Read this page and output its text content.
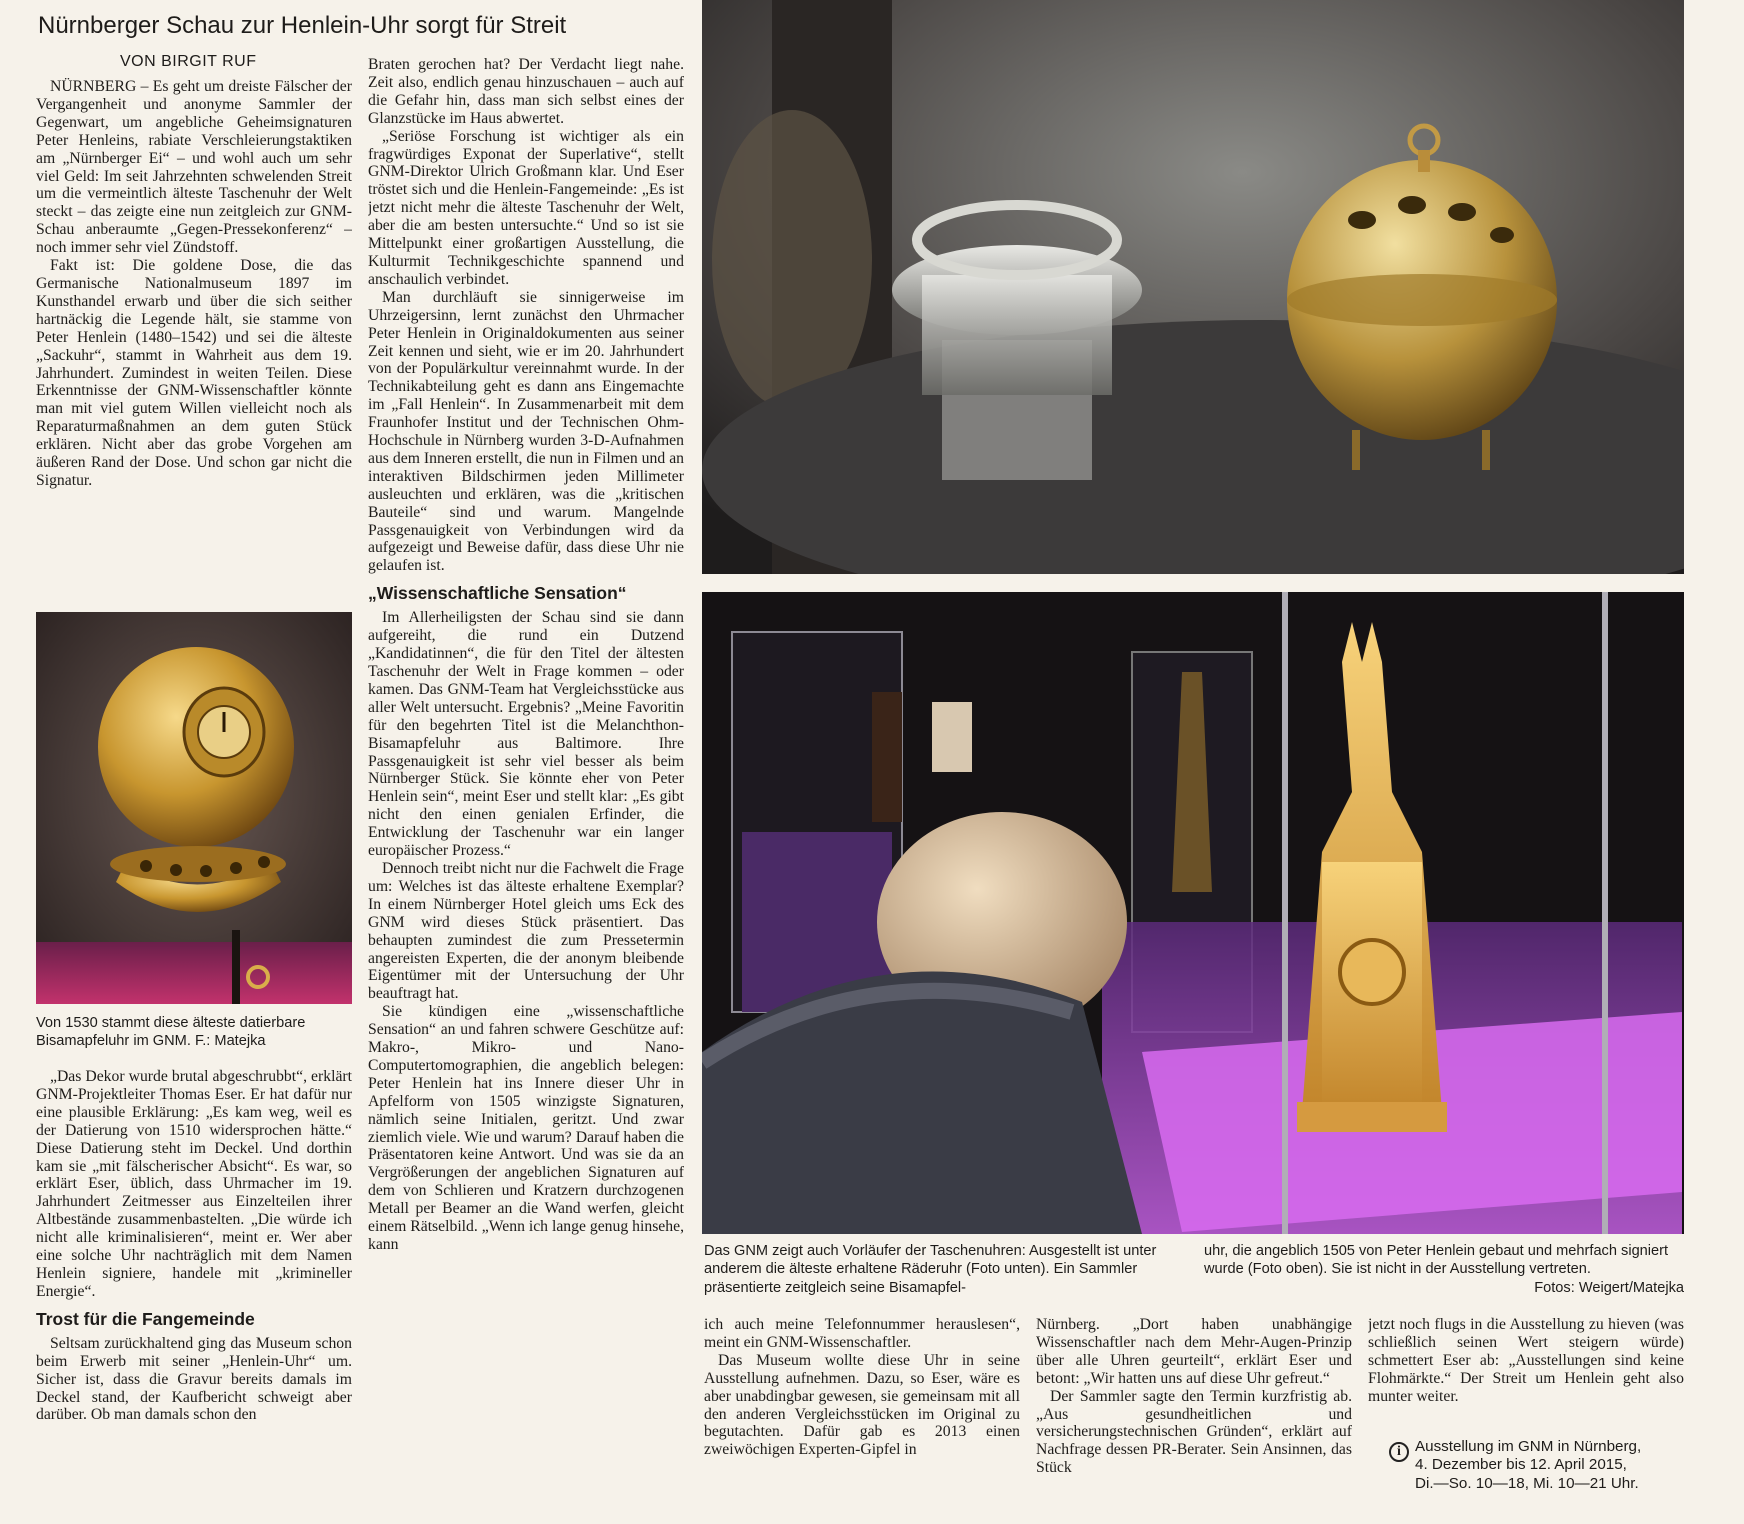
Nürnberger Schau zur Henlein-Uhr sorgt für Streit
VON BIRGIT RUF

NÜRNBERG – Es geht um dreiste Fälscher der Vergangenheit und anonyme Sammler der Gegenwart, um angebliche Geheimsignaturen Peter Henleins, rabiate Verschleierungstaktiken am „Nürnberger Ei“ – und wohl auch um sehr viel Geld: Im seit Jahrzehnten schwelenden Streit um die vermeintlich älteste Taschenuhr der Welt steckt – das zeigte eine nun zeitgleich zur GNM-Schau anberaumte „Gegen-Pressekonferenz“ – noch immer sehr viel Zündstoff.

Fakt ist: Die goldene Dose, die das Germanische Nationalmuseum 1897 im Kunsthandel erwarb und über die sich seither hartnäckig die Legende hält, sie stamme von Peter Henlein (1480–1542) und sei die älteste „Sackuhr“, stammt in Wahrheit aus dem 19. Jahrhundert. Zumindest in weiten Teilen. Diese Erkenntnisse der GNM-Wissenschaftler könnte man mit viel gutem Willen vielleicht noch als Reparaturmaßnahmen an dem guten Stück erklären. Nicht aber das grobe Vorgehen am äußeren Rand der Dose. Und schon gar nicht die Signatur.

Von 1530 stammt diese älteste datierbare Bisamapfeluhr im GNM. F.: Matejka

„Das Dekor wurde brutal abgeschrubbt“, erklärt GNM-Projektleiter Thomas Eser. Er hat dafür nur eine plausible Erklärung: „Es kam weg, weil es der Datierung von 1510 widersprochen hätte.“ Diese Datierung steht im Deckel. Und dorthin kam sie „mit fälscherischer Absicht“. Es war, so erklärt Eser, üblich, dass Uhrmacher im 19. Jahrhundert Zeitmesser aus Einzelteilen ihrer Altbestände zusammenbastelten. „Die würde ich nicht alle kriminalisieren“, meint er. Wer aber eine solche Uhr nachträglich mit dem Namen Henlein signiere, handele mit „krimineller Energie“.

Trost für die Fangemeinde

Seltsam zurückhaltend ging das Museum schon beim Erwerb mit seiner „Henlein-Uhr“ um. Sicher ist, dass die Gravur bereits damals im Deckel stand, der Kaufbericht schweigt aber darüber. Ob man damals schon den

Braten gerochen hat? Der Verdacht liegt nahe. Zeit also, endlich genau hinzuschauen – auch auf die Gefahr hin, dass man sich selbst eines der Glanzstücke im Haus abwertet.

„Seriöse Forschung ist wichtiger als ein fragwürdiges Exponat der Superlative“, stellt GNM-Direktor Ulrich Großmann klar. Und Eser tröstet sich und die Henlein-Fangemeinde: „Es ist jetzt nicht mehr die älteste Taschenuhr der Welt, aber die am besten untersuchte.“ Und so ist sie Mittelpunkt einer großartigen Ausstellung, die Kulturmit Technikgeschichte spannend und anschaulich verbindet.

Man durchläuft sie sinnigerweise im Uhrzeigersinn, lernt zunächst den Uhrmacher Peter Henlein in Originaldokumenten aus seiner Zeit kennen und sieht, wie er im 20. Jahrhundert von der Populärkultur vereinnahmt wurde. In der Technikabteilung geht es dann ans Eingemachte im „Fall Henlein“. In Zusammenarbeit mit dem Fraunhofer Institut und der Technischen Ohm-Hochschule in Nürnberg wurden 3-D-Aufnahmen aus dem Inneren erstellt, die nun in Filmen und an interaktiven Bildschirmen jeden Millimeter ausleuchten und erklären, was die „kritischen Bauteile“ sind und warum. Mangelnde Passgenauigkeit von Verbindungen wird da aufgezeigt und Beweise dafür, dass diese Uhr nie gelaufen ist.

„Wissenschaftliche Sensation“

Im Allerheiligsten der Schau sind sie dann aufgereiht, die rund ein Dutzend „Kandidatinnen“, die für den Titel der ältesten Taschenuhr der Welt in Frage kommen – oder kamen. Das GNM-Team hat Vergleichsstücke aus aller Welt untersucht. Ergebnis? „Meine Favoritin für den begehrten Titel ist die Melanchthon-Bisamapfeluhr aus Baltimore. Ihre Passgenauigkeit ist sehr viel besser als beim Nürnberger Stück. Sie könnte eher von Peter Henlein sein“, meint Eser und stellt klar: „Es gibt nicht den einen genialen Erfinder, die Entwicklung der Taschenuhr war ein langer europäischer Prozess.“

Dennoch treibt nicht nur die Fachwelt die Frage um: Welches ist das älteste erhaltene Exemplar? In einem Nürnberger Hotel gleich ums Eck des GNM wird dieses Stück präsentiert. Das behaupten zumindest die zum Pressetermin angereisten Experten, die der anonym bleibende Eigentümer mit der Untersuchung der Uhr beauftragt hat.

Sie kündigen eine „wissenschaftliche Sensation“ an und fahren schwere Geschütze auf: Makro-, Mikro- und Nano-Computertomographien, die angeblich belegen: Peter Henlein hat ins Innere dieser Uhr in Apfelform von 1505 winzigste Signaturen, nämlich seine Initialen, geritzt. Und zwar ziemlich viele. Wie und warum? Darauf haben die Präsentatoren keine Antwort. Und was sie da an Vergrößerungen der angeblichen Signaturen auf dem von Schlieren und Kratzern durchzogenen Metall per Beamer an die Wand werfen, gleicht einem Rätselbild. „Wenn ich lange genug hinsehe, kann	Das GNM zeigt auch Vorläufer der Taschenuhren: Ausgestellt ist unter anderem die älteste erhaltene Räderuhr (Foto unten). Ein Sammler präsentierte zeitgleich seine Bisamapfel-

uhr, die angeblich 1505 von Peter Henlein gebaut und mehrfach signiert wurde (Foto oben). Sie ist nicht in der Ausstellung vertreten.
Fotos: Weigert/Matejka

ich auch meine Telefonnummer herauslesen“, meint ein GNM-Wissenschaftler.

Das Museum wollte diese Uhr in seine Ausstellung aufnehmen. Dazu, so Eser, wäre es aber unabdingbar gewesen, sie gemeinsam mit all den anderen Vergleichsstücken im Original zu begutachten. Dafür gab es 2013 einen zweiwöchigen Experten-Gipfel in

Nürnberg. „Dort haben unabhängige Wissenschaftler nach dem Mehr-Augen-Prinzip über alle Uhren geurteilt“, erklärt Eser und betont: „Wir hatten uns auf diese Uhr gefreut.“

Der Sammler sagte den Termin kurzfristig ab. „Aus gesundheitlichen und versicherungstechnischen Gründen“, erklärt auf Nachfrage dessen PR-Berater. Sein Ansinnen, das Stück

jetzt noch flugs in die Ausstellung zu hieven (was schließlich seinen Wert steigern würde) schmettert Eser ab: „Ausstellungen sind keine Flohmärkte.“ Der Streit um Henlein geht also munter weiter.

i Ausstellung im GNM in Nürnberg,
4. Dezember bis 12. April 2015,
Di.—So. 10—18, Mi. 10—21 Uhr.
